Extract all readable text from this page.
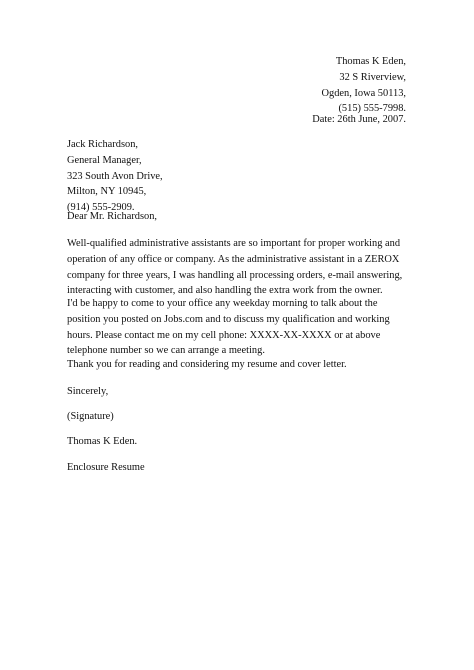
Thomas K Eden,
32 S Riverview,
Ogden, Iowa 50113,
(515) 555-7998.
Date: 26th June, 2007.
Jack Richardson,
General Manager,
323 South Avon Drive,
Milton, NY 10945,
(914) 555-2909.

Dear Mr. Richardson,

Well-qualified administrative assistants are so important for proper working and operation of any office or company. As the administrative assistant in a ZEROX company for three years, I was handling all processing orders, e-mail answering, interacting with customer, and also handling the extra work from the owner.

I'd be happy to come to your office any weekday morning to talk about the position you posted on Jobs.com and to discuss my qualification and working hours. Please contact me on my cell phone: XXXX-XX-XXXX or at above telephone number so we can arrange a meeting.

Thank you for reading and considering my resume and cover letter.

Sincerely,

(Signature)

Thomas K Eden.

Enclosure Resume
